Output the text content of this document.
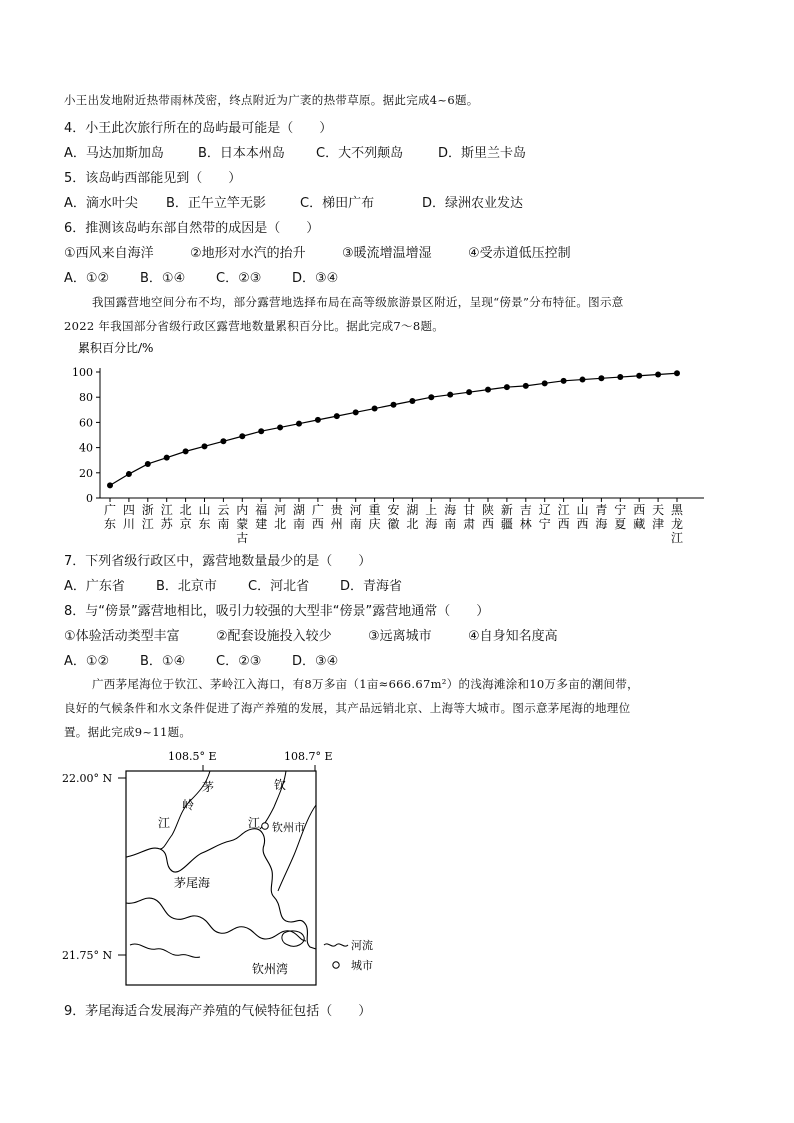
小王出发地附近热带雨林茂密，终点附近为广袤的热带草原。据此完成4~6题。
4．小王此次旅行所在的岛屿最可能是（　　）
A．马达加斯加岛	B．日本本州岛 C．大不列颠岛	D．斯里兰卡岛
5．该岛屿西部能见到（　　）
A．滴水叶尖 B．正午立竿无影	C．梯田广布	D．绿洲农业发达
6．推测该岛屿东部自然带的成因是（　　）
①西风来自海洋	②地形对水汽的抬升	③暖流增温增湿	④受赤道低压控制
A．①② B．①④ C．②③ D．③④
我国露营地空间分布不均，部分露营地选择布局在高等级旅游景区附近，呈现“傍景”分布特征。图示意
2022 年我国部分省级行政区露营地数量累积百分比。据此完成7～8题。
累积百分比/%
0
20
40
60
80
100
广
东
四
川
浙
江
江
苏
北
京
山
东
云
南
内
蒙
古
福
建
河
北
湖
南
广
西
贵
州
河
南
重
庆
安
徽
湖
北
上
海
海
南
甘
肃
陕
西
新
疆
吉
林
辽
宁
江
西
山
西
青
海
宁
夏
西
藏
天
津
黑
龙
江
7．下列省级行政区中，露营地数量最少的是（　　）
A．广东省 B．北京市 C．河北省 D．青海省
8．与“傍景”露营地相比，吸引力较强的大型非“傍景”露营地通常（　　）
①体验活动类型丰富	②配套设施投入较少	③远离城市	④自身知名度高
A．①② B．①④ C．②③ D．③④
广西茅尾海位于钦江、茅岭江入海口，有8万多亩（1亩≈666.67m²）的浅海滩涂和10万多亩的潮间带，
良好的气候条件和水文条件促进了海产养殖的发展，其产品远销北京、上海等大城市。图示意茅尾海的地理位
置。据此完成9~11题。
108.5° E	108.7° E
22.00° N
21.75° N
茅
岭
江
钦
江 钦州市
茅尾海
钦州湾
河流
城市
9．茅尾海适合发展海产养殖的气候特征包括（　　）
